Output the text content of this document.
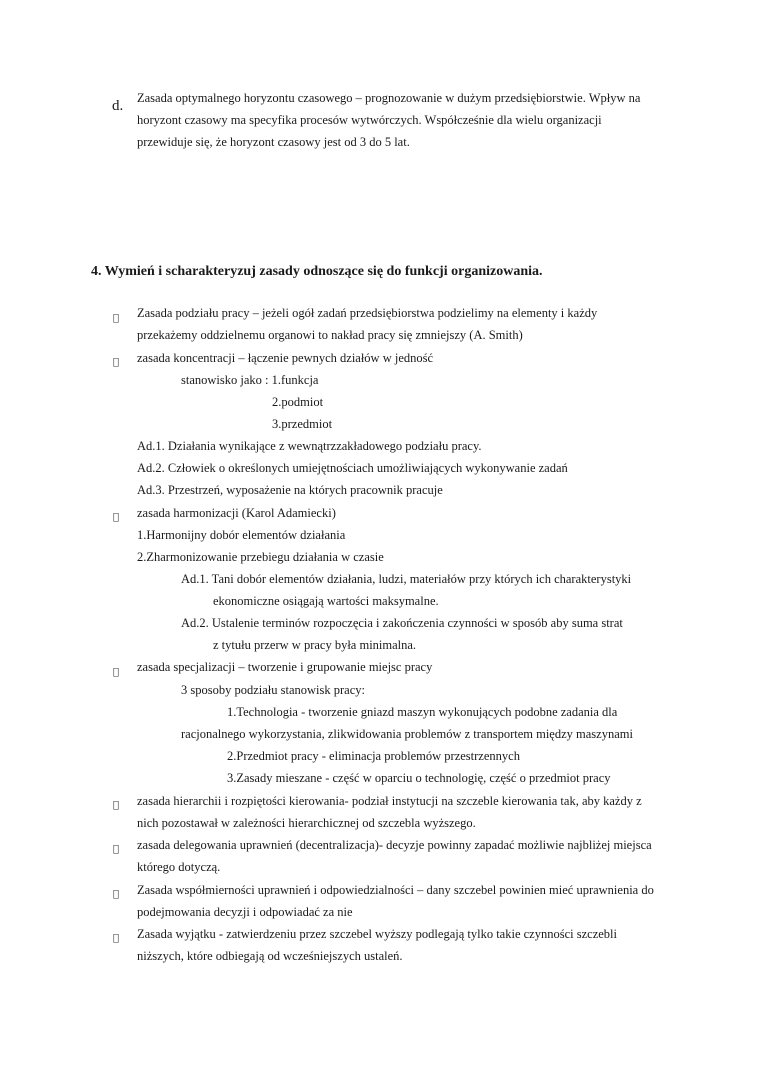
d. Zasada optymalnego horyzontu czasowego – prognozowanie w dużym przedsiębiorstwie. Wpływ na
horyzont czasowy ma specyfika procesów wytwórczych. Współcześnie dla wielu organizacji
przewiduje się, że horyzont czasowy jest od 3 do 5 lat.
4. Wymień i scharakteryzuj zasady odnoszące się do funkcji organizowania.
Zasada podziału pracy – jeżeli ogół zadań przedsiębiorstwa podzielimy na elementy i każdy
przekażemy oddzielnemu organowi to nakład pracy się zmniejszy (A. Smith)
zasada koncentracji – łączenie pewnych działów w jedność
stanowisko jako : 1.funkcja
2.podmiot
3.przedmiot
Ad.1. Działania wynikające z wewnątrzzakładowego podziału pracy.
Ad.2. Człowiek o określonych umiejętnościach umożliwiających wykonywanie zadań
Ad.3. Przestrzeń, wyposażenie na których pracownik pracuje
zasada harmonizacji (Karol Adamiecki)
1.Harmonijny dobór elementów działania
2.Zharmonizowanie przebiegu działania w czasie
Ad.1. Tani dobór elementów działania, ludzi, materiałów przy których ich charakterystyki
ekonomiczne osiągają wartości maksymalne.
Ad.2. Ustalenie terminów rozpoczęcia i zakończenia czynności w sposób aby suma strat
z tytułu przerw w pracy była minimalna.
zasada specjalizacji – tworzenie i grupowanie miejsc pracy
3 sposoby podziału stanowisk pracy:
1.Technologia - tworzenie gniazd maszyn wykonujących podobne zadania dla
racjonalnego wykorzystania, zlikwidowania problemów z transportem między maszynami
2.Przedmiot pracy - eliminacja problemów przestrzennych
3.Zasady mieszane - część w oparciu o technologię, część o przedmiot pracy
zasada hierarchii i rozpiętości kierowania- podział instytucji na szczeble kierowania tak, aby każdy z
nich pozostawał w zależności hierarchicznej od szczebla wyższego.
zasada delegowania uprawnień (decentralizacja)- decyzje powinny zapadać możliwie najbliżej miejsca
którego dotyczą.
Zasada współmierności uprawnień i odpowiedzialności – dany szczebel powinien mieć uprawnienia do
podejmowania decyzji i odpowiadać za nie
Zasada wyjątku - zatwierdzeniu przez szczebel wyższy podlegają tylko takie czynności szczebli
niższych, które odbiegają od wcześniejszych ustaleń.
